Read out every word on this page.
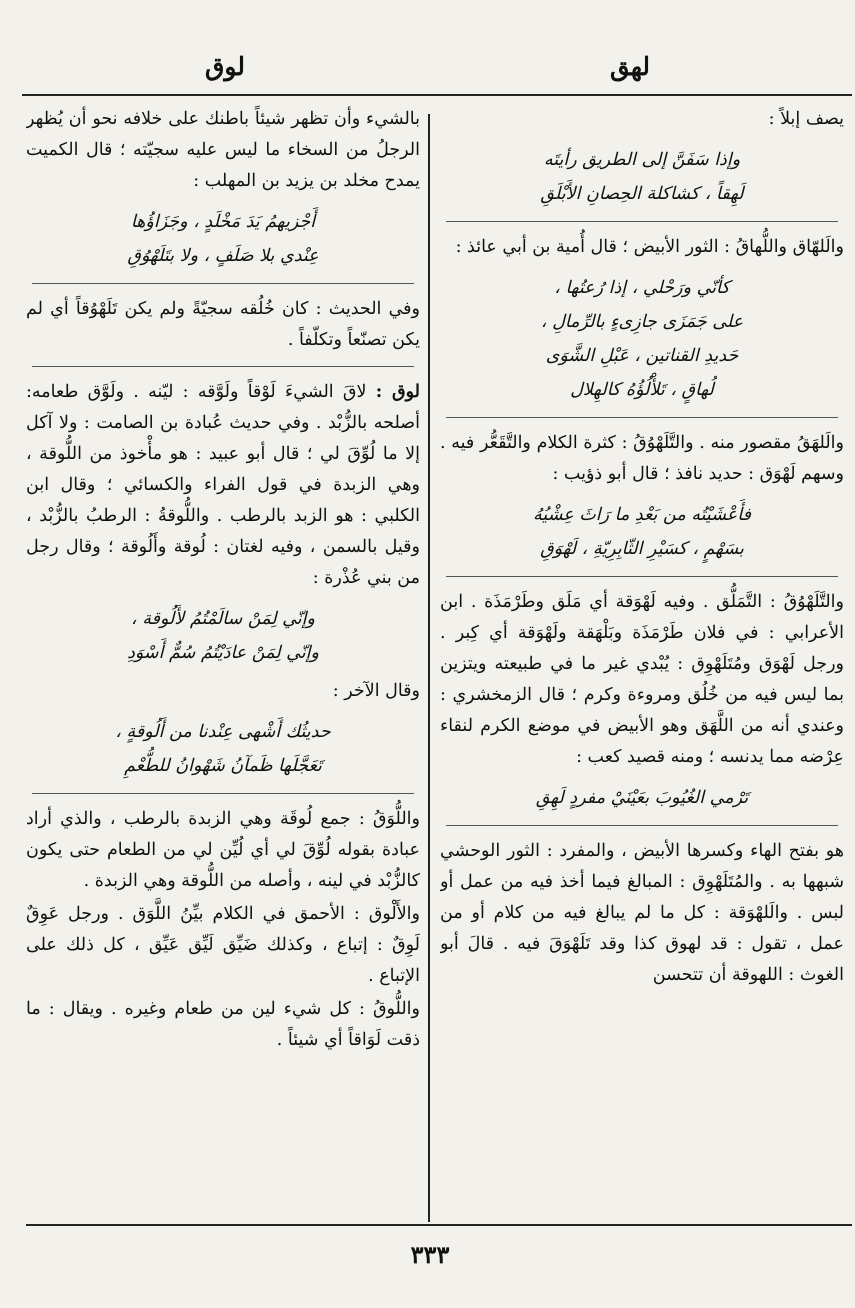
لهق
لوق

يصف إبلاً :

وإذا سَفَنَّ إلى الطريق رأيتَه
لَهِقاً ، كشاكلة الحِصانِ الأَبْلَقِ

والَلهّاق واللُّهاقُ : الثور الأبيض ؛ قال أُمية بن أبي عائذ :

كأنّي ورَحْلي ، إذا رُعتُها ،
على جَمَزَى جازِىءٍ بالرِّمالِ ،
حَديدِ القناتين ، عَبْلِ الشَّوَى
لُهاقٍ ، تَلأْلُؤُهُ كالهِلال

والَلهَقُ مقصور منه . والتَّلَهْوُقُ : كثرة الكلام والتَّقَعُّر فيه . وسهم لَهْوَق : حديد نافذ ؛ قال أبو ذؤيب :

فأَعْشَيْتُه من بَعْدِ ما رَاثَ عِشْيُهُ
بسَهْمٍ ، كسَيْرِ الثّابِرِيّةِ ، لَهْوَقِ

والتَّلَهْوُقُ : التَّمَلُّق . وفيه لَهْوَقة أي مَلَق وطَرْمَذَة . ابن الأعرابي : في فلان طَرْمَذَة وبَلْهَقة ولَهْوَقة أي كِبر . ورجل لَهْوَق ومُتَلَهْوِق : يُبْدي غير ما في طبيعته ويتزين بما ليس فيه من خُلُق ومروءة وكرم ؛ قال الزمخشري : وعندي أنه من اللَّهَق وهو الأبيض في موضع الكرم لنقاء عِرْضه مما يدنسه ؛ ومنه قصيد كعب :

تَرْمي الغُيُوبَ بعَيْنَيْ مفردٍ لَهِقِ

هو بفتح الهاء وكسرها الأبيض ، والمفرد : الثور الوحشي شبهها به . والمُتَلَهْوِق : المبالغ فيما أخذ فيه من عمل أو لبس . والَلهْوَقة : كل ما لم يبالغ فيه من كلام أو من عمل ، تقول : قد لهوق كذا وقد تَلَهْوَقَ فيه . قالَ أبو الغوث : اللهوقة أن تتحسن

بالشيء وأن تظهر شيئاً باطنك على خلافه نحو أن يُظهر الرجلُ من السخاء ما ليس عليه سجيّته ؛ قال الكميت يمدح مخلد بن يزيد بن المهلب :

أَجْزيهمُ يَدَ مَخْلَدٍ ، وجَزَاؤُها
عِنْدي بلا صَلَفٍ ، ولا بتَلَهْوُقِ

وفي الحديث : كان خُلُقه سجيّةً ولم يكن تَلَهْوُقاً أي لم يكن تصنّعاً وتكلّفاً .

لوق : لاقَ الشيءَ لَوْقاً ولَوَّقه : ليّنه . ولَوَّق طعامه: أصلحه بالزُّبْد . وفي حديث عُبادة بن الصامت : ولا آكل إلا ما لُوِّقَ لي ؛ قال أبو عبيد : هو مأْخوذ من اللُّوقة ، وهي الزبدة في قول الفراء والكسائي ؛ وقال ابن الكلبي : هو الزبد بالرطب . واللُّوقةُ : الرطبُ بالزُّبْد ، وقيل بالسمن ، وفيه لغتان : لُوقة وأَلُوقة ؛ وقال رجل من بني عُذْرة :

وإنّي لِمَنْ سالَمْتُمُ لأَلُوقة ،
وإنّي لِمَنْ عادَيْتُمُ سُمٌّ أَسْوَدِ

وقال الآخر :

حديثُك أَشْهى عِنْدنا من أَلُوقةٍ ،
تَعَجَّلَها ظَمآنُ شَهْوانُ للطُّعْمِ

واللُّوَقُ : جمع لُوقَة وهي الزبدة بالرطب ، والذي أراد عبادة بقوله لُوِّقَ لي أي لُيِّن لي من الطعام حتى يكون كالزُّبْد في لينه ، وأصله من اللُّوقة وهي الزبدة .

والأَلْوق : الأحمق في الكلام بيِّنُ اللَّوَق . ورجل عَوِقٌ لَوِقٌ : إتباع ، وكذلك ضَيِّق لَيِّق عَيِّق ، كل ذلك على الإتباع .

واللُّوقُ : كل شيء لين من طعام وغيره . ويقال : ما ذقت لَوَاقاً أي شيئاً .

٣٣٣
